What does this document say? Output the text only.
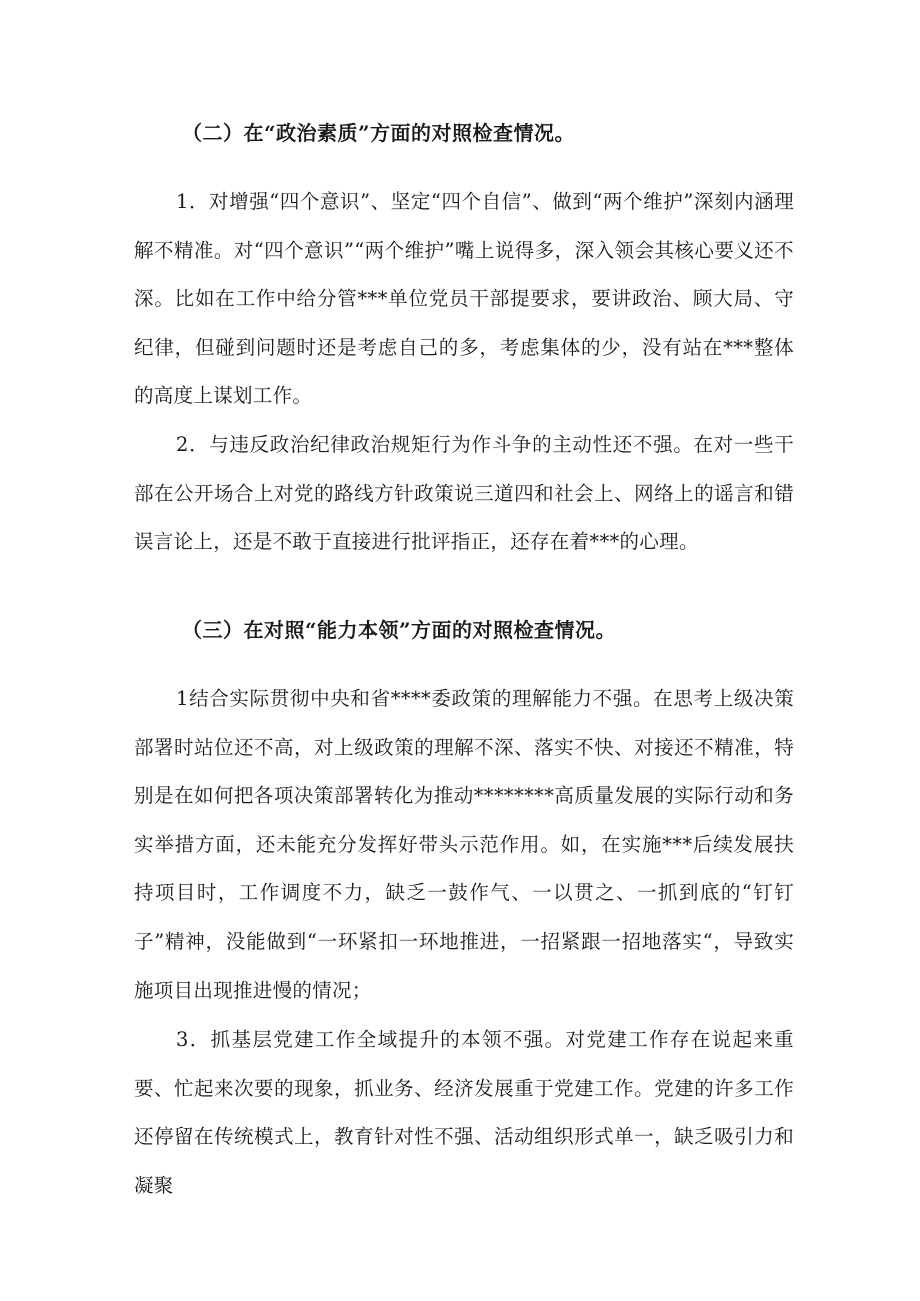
（二）在“政治素质”方面的对照检查情况。
1．对增强“四个意识”、坚定“四个自信”、做到“两个维护”深刻内涵理解不精准。对“四个意识”“两个维护”嘴上说得多，深入领会其核心要义还不深。比如在工作中给分管***单位党员干部提要求，要讲政治、顾大局、守纪律，但碰到问题时还是考虑自己的多，考虑集体的少，没有站在***整体的高度上谋划工作。
2．与违反政治纪律政治规矩行为作斗争的主动性还不强。在对一些干部在公开场合上对党的路线方针政策说三道四和社会上、网络上的谣言和错误言论上，还是不敢于直接进行批评指正，还存在着***的心理。
（三）在对照“能力本领”方面的对照检查情况。
1结合实际贯彻中央和省****委政策的理解能力不强。在思考上级决策部署时站位还不高，对上级政策的理解不深、落实不快、对接还不精准，特别是在如何把各项决策部署转化为推动********高质量发展的实际行动和务实举措方面，还未能充分发挥好带头示范作用。如，在实施***后续发展扶持项目时，工作调度不力，缺乏一鼓作气、一以贯之、一抓到底的“钉钉子”精神，没能做到“一环紧扣一环地推进，一招紧跟一招地落实“，导致实施项目出现推进慢的情况；
3．抓基层党建工作全域提升的本领不强。对党建工作存在说起来重要、忙起来次要的现象，抓业务、经济发展重于党建工作。党建的许多工作还停留在传统模式上，教育针对性不强、活动组织形式单一，缺乏吸引力和凝聚
